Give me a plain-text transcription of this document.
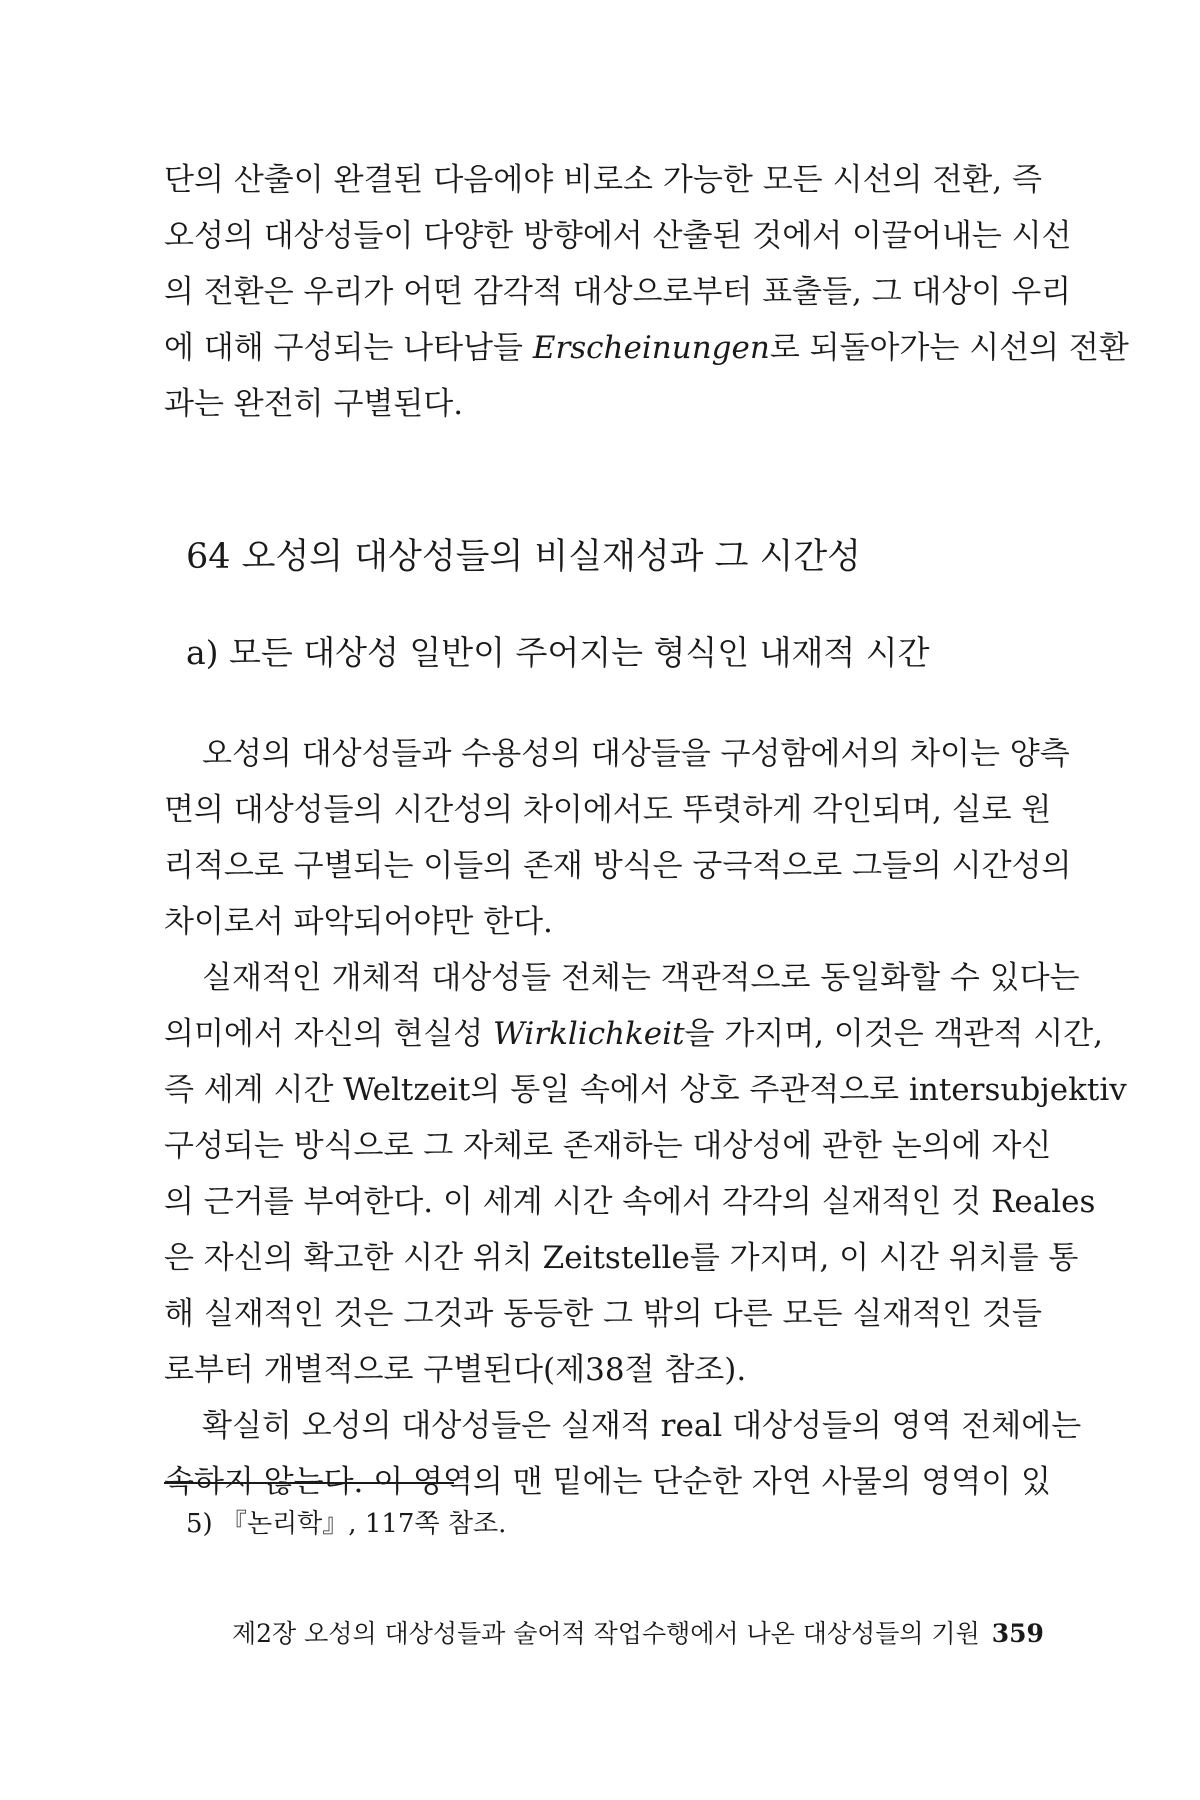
단의 산출이 완결된 다음에야 비로소 가능한 모든 시선의 전환, 즉
오성의 대상성들이 다양한 방향에서 산출된 것에서 이끌어내는 시선
의 전환은 우리가 어떤 감각적 대상으로부터 표출들, 그 대상이 우리
에 대해 구성되는 나타남들 Erscheinungen로 되돌아가는 시선의 전환
과는 완전히 구별된다.
64 오성의 대상성들의 비실재성과 그 시간성
a) 모든 대상성 일반이 주어지는 형식인 내재적 시간
오성의 대상성들과 수용성의 대상들을 구성함에서의 차이는 양측
면의 대상성들의 시간성의 차이에서도 뚜렷하게 각인되며, 실로 원
리적으로 구별되는 이들의 존재 방식은 궁극적으로 그들의 시간성의
차이로서 파악되어야만 한다.
실재적인 개체적 대상성들 전체는 객관적으로 동일화할 수 있다는
의미에서 자신의 현실성 Wirklichkeit을 가지며, 이것은 객관적 시간,
즉 세계 시간 Weltzeit의 통일 속에서 상호 주관적으로 intersubjektiv
구성되는 방식으로 그 자체로 존재하는 대상성에 관한 논의에 자신
의 근거를 부여한다. 이 세계 시간 속에서 각각의 실재적인 것 Reales
은 자신의 확고한 시간 위치 Zeitstelle를 가지며, 이 시간 위치를 통
해 실재적인 것은 그것과 동등한 그 밖의 다른 모든 실재적인 것들
로부터 개별적으로 구별된다(제38절 참조).
확실히 오성의 대상성들은 실재적 real 대상성들의 영역 전체에는
속하지 않는다. 이 영역의 맨 밑에는 단순한 자연 사물의 영역이 있
5) 『논리학』, 117쪽 참조.
제2장 오성의 대상성들과 술어적 작업수행에서 나온 대상성들의 기원 359
